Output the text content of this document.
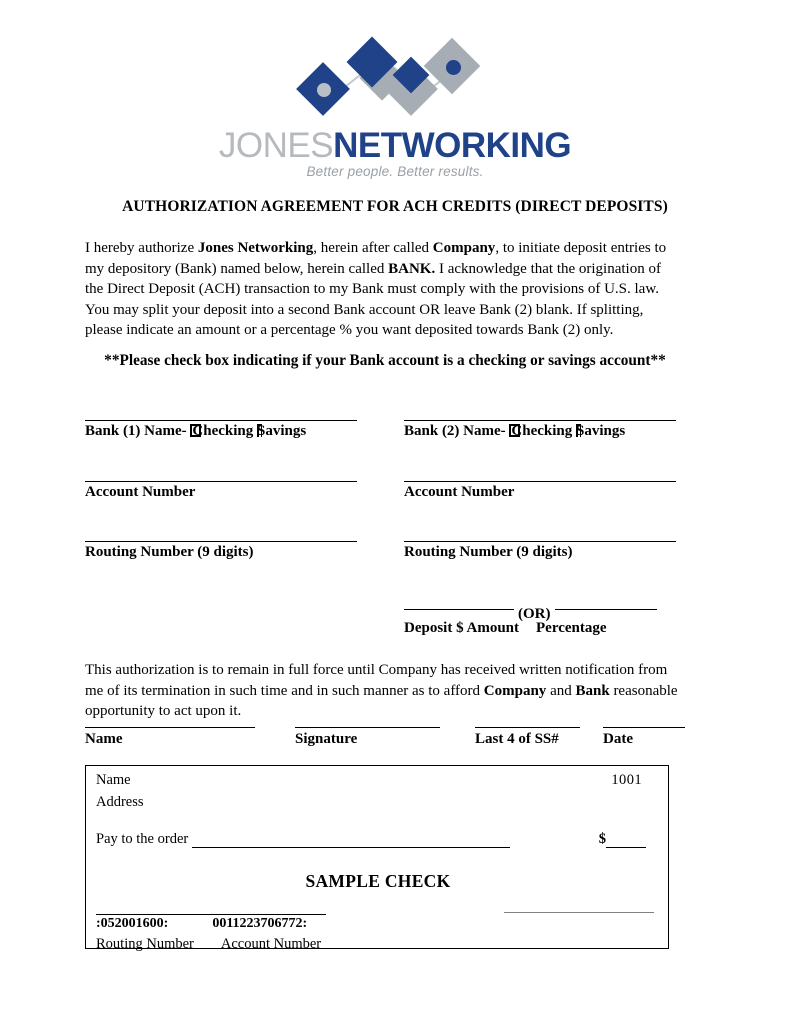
JONESNETWORKING
Better people. Better results.
AUTHORIZATION AGREEMENT FOR ACH CREDITS (DIRECT DEPOSITS)
I hereby authorize Jones Networking, herein after called Company, to initiate deposit entries to my depository (Bank) named below, herein called BANK. I acknowledge that the origination of the Direct Deposit (ACH) transaction to my Bank must comply with the provisions of U.S. law. You may split your deposit into a second Bank account OR leave Bank (2) blank. If splitting, please indicate an amount or a percentage % you want deposited towards Bank (2) only.
**Please check box indicating if your Bank account is a checking or savings account**
Bank (1) Name- Checking Savings
Account Number
Routing Number (9 digits)
Bank (2) Name- Checking Savings
Account Number
Routing Number (9 digits)
(OR)
Deposit $ Amount	Percentage
This authorization is to remain in full force until Company has received written notification from me of its termination in such time and in such manner as to afford Company and Bank reasonable opportunity to act upon it.
Name	Signature	Last 4 of SS#	Date
Name
Address
1001
Pay to the order	$
SAMPLE CHECK
:052001600:	0011223706772:
Routing Number Account Number
